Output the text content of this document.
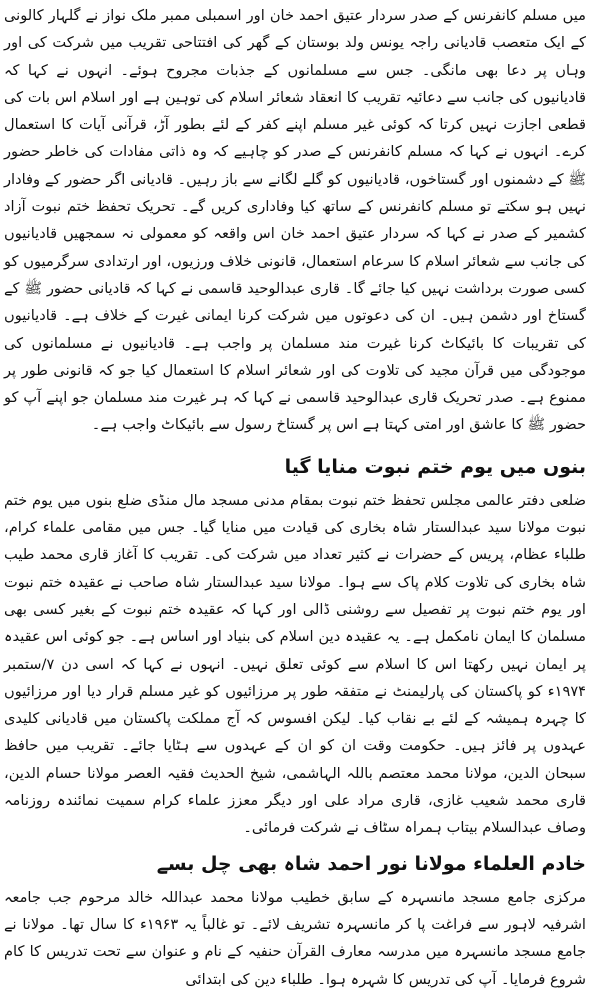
میں مسلم کانفرنس کے صدر سردار عتیق احمد خان اور اسمبلی ممبر ملک نواز نے گلہار کالونی کے ایک متعصب قادیانی راجہ یونس ولد بوستان کے گھر کی افتتاحی تقریب میں شرکت کی اور وہاں پر دعا بھی مانگی۔ جس سے مسلمانوں کے جذبات مجروح ہوئے۔ انہوں نے کہا کہ قادیانیوں کی جانب سے دعائیہ تقریب کا انعقاد شعائر اسلام کی توہین ہے اور اسلام اس بات کی قطعی اجازت نہیں کرتا کہ کوئی غیر مسلم اپنے کفر کے لئے بطور آڑ، قرآنی آیات کا استعمال کرے۔ انہوں نے کہا کہ مسلم کانفرنس کے صدر کو چاہیے کہ وہ ذاتی مفادات کی خاطر حضور ﷺ کے دشمنوں اور گستاخوں، قادیانیوں کو گلے لگانے سے باز رہیں۔ قادیانی اگر حضور کے وفادار نہیں ہو سکتے تو مسلم کانفرنس کے ساتھ کیا وفاداری کریں گے۔ تحریک تحفظ ختم نبوت آزاد کشمیر کے صدر نے کہا کہ سردار عتیق احمد خان اس واقعہ کو معمولی نہ سمجھیں قادیانیوں کی جانب سے شعائر اسلام کا سرعام استعمال، قانونی خلاف ورزیوں، اور ارتدادی سرگرمیوں کو کسی صورت برداشت نہیں کیا جائے گا۔ قاری عبدالوحید قاسمی نے کہا کہ قادیانی حضور ﷺ کے گستاخ اور دشمن ہیں۔ ان کی دعوتوں میں شرکت کرنا ایمانی غیرت کے خلاف ہے۔ قادیانیوں کی تقریبات کا بائیکاٹ کرنا غیرت مند مسلمان پر واجب ہے۔ قادیانیوں نے مسلمانوں کی موجودگی میں قرآن مجید کی تلاوت کی اور شعائر اسلام کا استعمال کیا جو کہ قانونی طور پر ممنوع ہے۔ صدر تحریک قاری عبدالوحید قاسمی نے کہا کہ ہر غیرت مند مسلمان جو اپنے آپ کو حضور ﷺ کا عاشق اور امتی کہتا ہے اس پر گستاخ رسول سے بائیکاٹ واجب ہے۔

بنوں میں یوم ختم نبوت منایا گیا

ضلعی دفتر عالمی مجلس تحفظ ختم نبوت بمقام مدنی مسجد مال منڈی ضلع بنوں میں یوم ختم نبوت مولانا سید عبدالستار شاہ بخاری کی قیادت میں منایا گیا۔ جس میں مقامی علماء کرام، طلباء عظام، پریس کے حضرات نے کثیر تعداد میں شرکت کی۔ تقریب کا آغاز قاری محمد طیب شاہ بخاری کی تلاوت کلام پاک سے ہوا۔ مولانا سید عبدالستار شاہ صاحب نے عقیدہ ختم نبوت اور یوم ختم نبوت پر تفصیل سے روشنی ڈالی اور کہا کہ عقیدہ ختم نبوت کے بغیر کسی بھی مسلمان کا ایمان نامکمل ہے۔ یہ عقیدہ دین اسلام کی بنیاد اور اساس ہے۔ جو کوئی اس عقیدہ پر ایمان نہیں رکھتا اس کا اسلام سے کوئی تعلق نہیں۔ انہوں نے کہا کہ اسی دن ۷/ستمبر ۱۹۷۴ء کو پاکستان کی پارلیمنٹ نے متفقہ طور پر مرزائیوں کو غیر مسلم قرار دیا اور مرزائیوں کا چہرہ ہمیشہ کے لئے بے نقاب کیا۔ لیکن افسوس کہ آج مملکت پاکستان میں قادیانی کلیدی عہدوں پر فائز ہیں۔ حکومت وقت ان کو ان کے عہدوں سے ہٹایا جائے۔ تقریب میں حافظ سبحان الدین، مولانا محمد معتصم باللہ الہاشمی، شیخ الحدیث فقیہ العصر مولانا حسام الدین، قاری محمد شعیب غازی، قاری مراد علی اور دیگر معزز علماء کرام سمیت نمائندہ روزنامہ وصاف عبدالسلام بیتاب ہمراہ سٹاف نے شرکت فرمائی۔

خادم العلماء مولانا نور احمد شاہ بھی چل بسے

مرکزی جامع مسجد مانسہرہ کے سابق خطیب مولانا محمد عبداللہ خالد مرحوم جب جامعہ اشرفیہ لاہور سے فراغت پا کر مانسہرہ تشریف لائے۔ تو غالباً یہ ۱۹۶۳ء کا سال تھا۔ مولانا نے جامع مسجد مانسہرہ میں مدرسہ معارف القرآن حنفیہ کے نام و عنوان سے تحت تدریس کا کام شروع فرمایا۔ آپ کی تدریس کا شہرہ ہوا۔ طلباء دین کی ابتدائی
